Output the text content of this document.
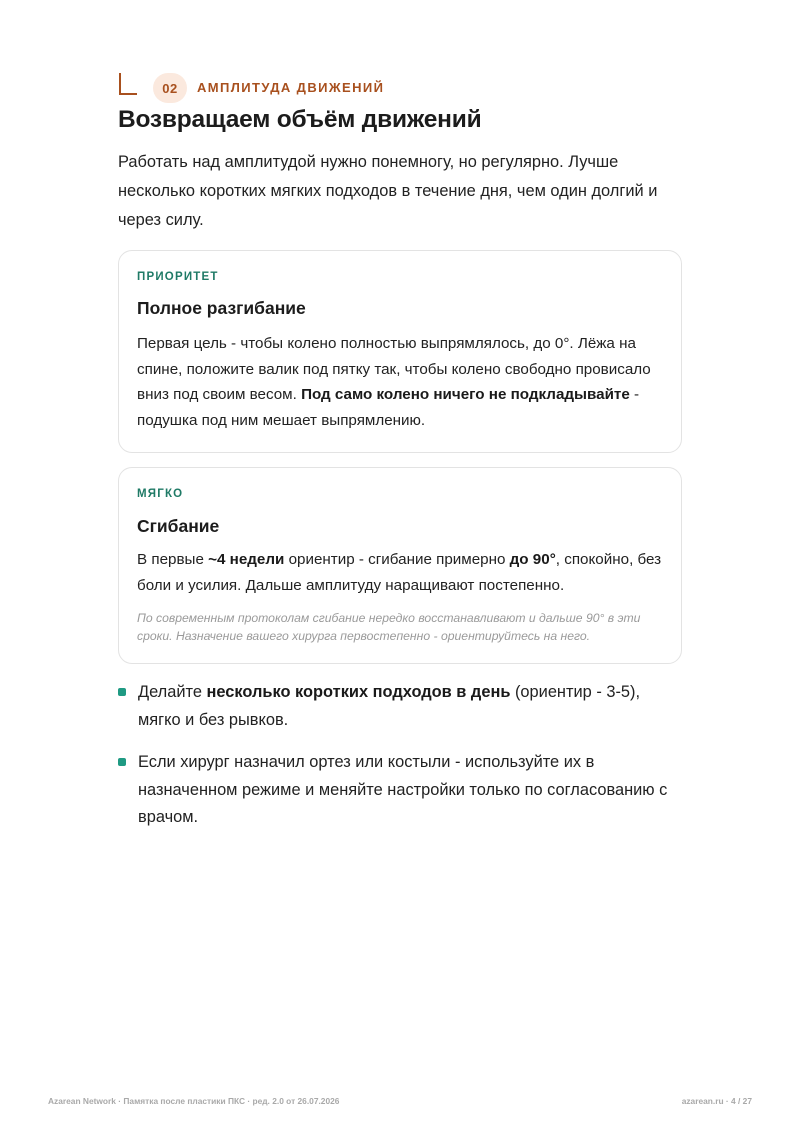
02	АМПЛИТУДА ДВИЖЕНИЙ
Возвращаем объём движений

Работать над амплитудой нужно понемногу, но регулярно. Лучше несколько коротких мягких подходов в течение дня, чем один долгий и через силу.

ПРИОРИТЕТ
Полное разгибание

Первая цель - чтобы колено полностью выпрямлялось, до 0°. Лёжа на спине, положите валик под пятку так, чтобы колено свободно провисало вниз под своим весом. Под само колено ничего не подкладывайте - подушка под ним мешает выпрямлению.

МЯГКО
Сгибание

В первые ~4 недели ориентир - сгибание примерно до 90°, спокойно, без боли и усилия. Дальше амплитуду наращивают постепенно.

По современным протоколам сгибание нередко восстанавливают и дальше 90° в эти сроки. Назначение вашего хирурга первостепенно - ориентируйтесь на него.

Делайте несколько коротких подходов в день (ориентир - 3-5), мягко и без рывков.
Если хирург назначил ортез или костыли - используйте их в назначенном режиме и меняйте настройки только по согласованию с врачом.
Azarean Network · Памятка после пластики ПКС · ред. 2.0 от 26.07.2026	azarean.ru · 4 / 27
